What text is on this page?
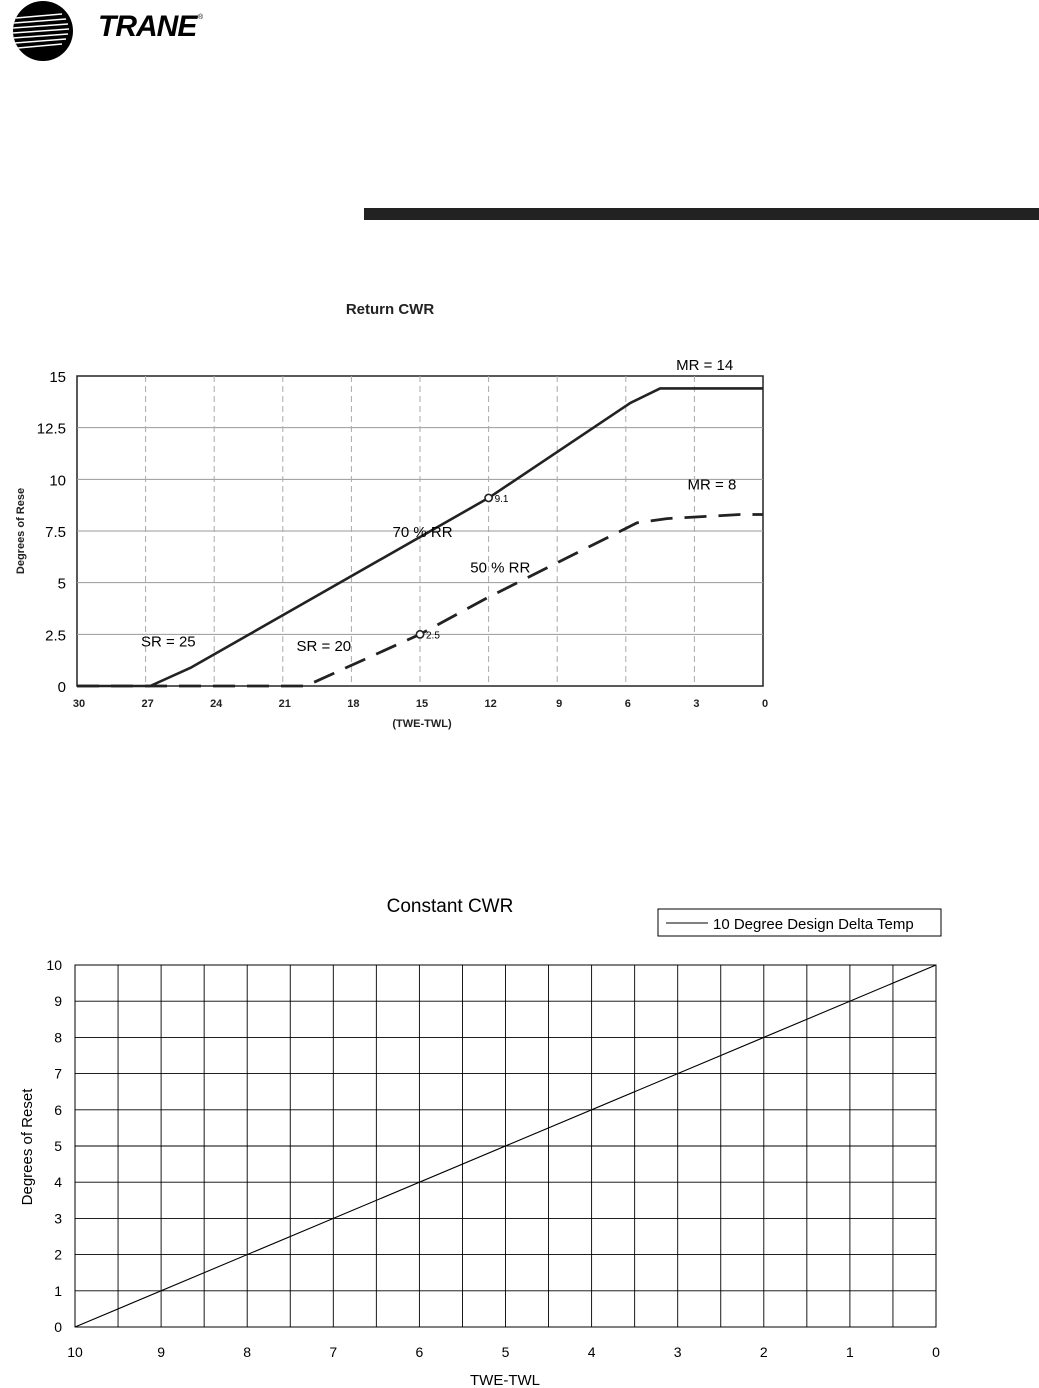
TRANE ®
Return CWR
0
2.5
5
7.5
10
12.5
15
30	27	24	21	18	15	12	9	6	3	0
9.1
2.5
MR = 14
MR = 8
70 % RR
50 % RR
SR = 25	SR = 20
(TWE-TWL)
Degrees of Rese
Constant CWR
10 Degree Design Delta Temp
0
1
2
3
4
5
6
7
8
9
10
10	9	8	7	6	5	4	3	2	1	0
TWE-TWL
Degrees of Reset
